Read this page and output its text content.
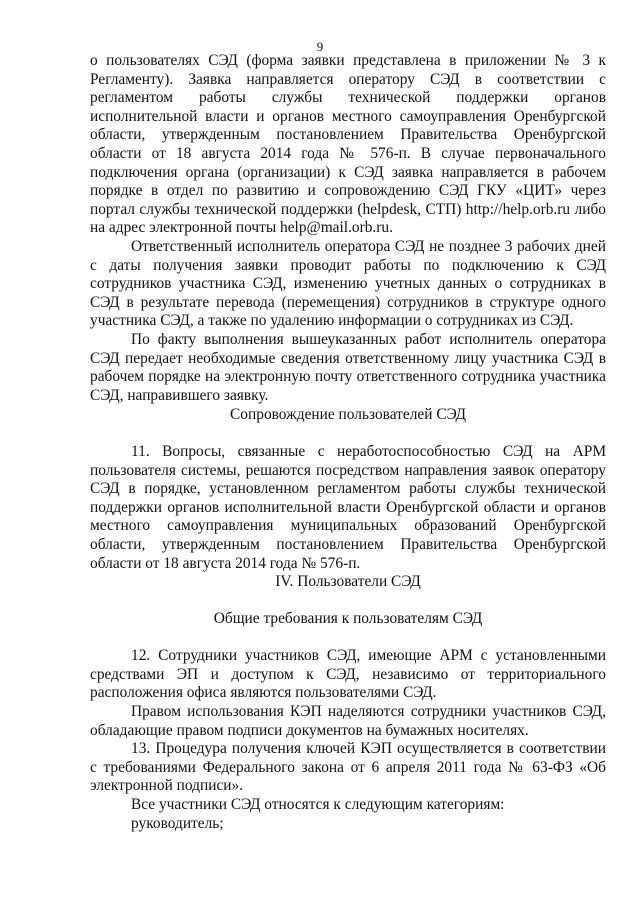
9
о пользователях СЭД (форма заявки представлена в приложении № 3 к Регламенту). Заявка направляется оператору СЭД в соответствии с регламентом работы службы технической поддержки органов исполнительной власти и органов местного самоуправления Оренбургской области, утвержденным постановлением Правительства Оренбургской области от 18 августа 2014 года № 576-п. В случае первоначального подключения органа (организации) к СЭД заявка направляется в рабочем порядке в отдел по развитию и сопровождению СЭД ГКУ «ЦИТ» через портал службы технической поддержки (helpdesk, СТП) http://help.orb.ru либо на адрес электронной почты help@mail.orb.ru.
Ответственный исполнитель оператора СЭД не позднее 3 рабочих дней с даты получения заявки проводит работы по подключению к СЭД сотрудников участника СЭД, изменению учетных данных о сотрудниках в СЭД в результате перевода (перемещения) сотрудников в структуре одного участника СЭД, а также по удалению информации о сотрудниках из СЭД.
По факту выполнения вышеуказанных работ исполнитель оператора СЭД передает необходимые сведения ответственному лицу участника СЭД в рабочем порядке на электронную почту ответственного сотрудника участника СЭД, направившего заявку.
Сопровождение пользователей СЭД
11. Вопросы, связанные с неработоспособностью СЭД на АРМ пользователя системы, решаются посредством направления заявок оператору СЭД в порядке, установленном регламентом работы службы технической поддержки органов исполнительной власти Оренбургской области и органов местного самоуправления муниципальных образований Оренбургской области, утвержденным постановлением Правительства Оренбургской области от 18 августа 2014 года № 576-п.
IV. Пользователи СЭД
Общие требования к пользователям СЭД
12. Сотрудники участников СЭД, имеющие АРМ с установленными средствами ЭП и доступом к СЭД, независимо от территориального расположения офиса являются пользователями СЭД.
Правом использования КЭП наделяются сотрудники участников СЭД, обладающие правом подписи документов на бумажных носителях.
13. Процедура получения ключей КЭП осуществляется в соответствии с требованиями Федерального закона от 6 апреля 2011 года № 63-ФЗ «Об электронной подписи».
Все участники СЭД относятся к следующим категориям:
руководитель;
